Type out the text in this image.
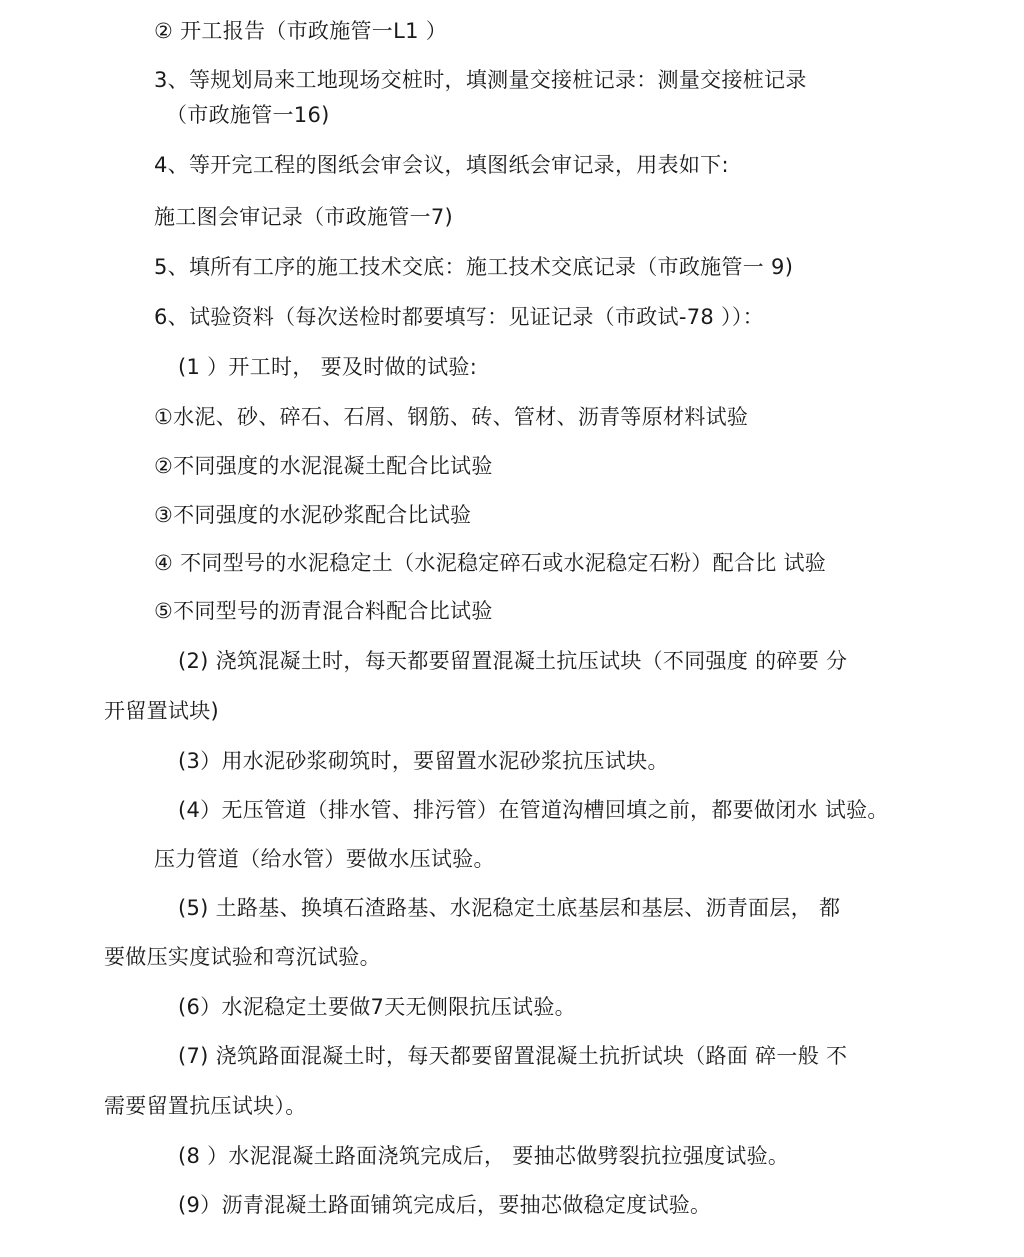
② 开工报告（市政施管一L1 ）
3、等规划局来工地现场交桩时，填测量交接桩记录：测量交接桩记录
（市政施管一16)
4、等开完工程的图纸会审会议，填图纸会审记录，用表如下:
施工图会审记录（市政施管一7)
5、填所有工序的施工技术交底：施工技术交底记录（市政施管一 9)
6、试验资料（每次送检时都要填写：见证记录（市政试-78 ））：
(1 ）开工时， 要及时做的试验:
①水泥、砂、碎石、石屑、钢筋、砖、管材、沥青等原材料试验
②不同强度的水泥混凝土配合比试验
③不同强度的水泥砂浆配合比试验
④ 不同型号的水泥稳定土（水泥稳定碎石或水泥稳定石粉）配合比 试验
⑤不同型号的沥青混合料配合比试验
(2) 浇筑混凝土时，每天都要留置混凝土抗压试块（不同强度 的碎要 分
开留置试块)
(3）用水泥砂浆砌筑时，要留置水泥砂浆抗压试块。
(4）无压管道（排水管、排污管）在管道沟槽回填之前，都要做闭水 试验。
压力管道（给水管）要做水压试验。
(5) 土路基、换填石渣路基、水泥稳定土底基层和基层、沥青面层， 都
要做压实度试验和弯沉试验。
(6）水泥稳定土要做7天无侧限抗压试验。
(7) 浇筑路面混凝土时，每天都要留置混凝土抗折试块（路面 碎一般 不
需要留置抗压试块）。
(8 ）水泥混凝土路面浇筑完成后， 要抽芯做劈裂抗拉强度试验。
(9）沥青混凝土路面铺筑完成后，要抽芯做稳定度试验。
